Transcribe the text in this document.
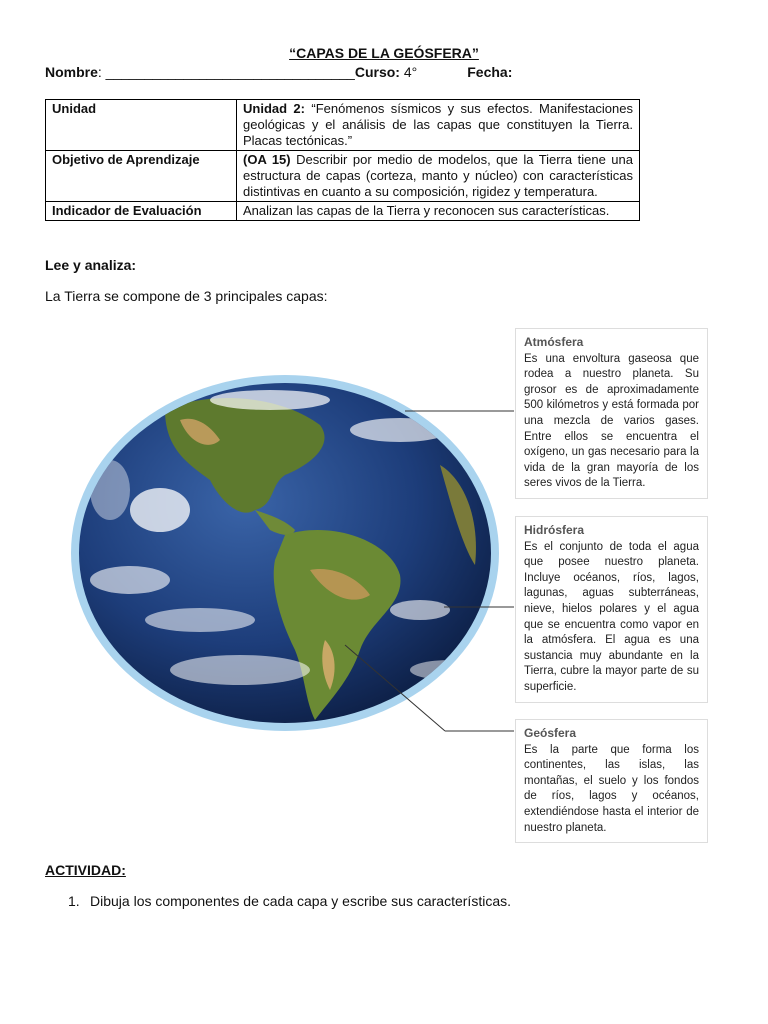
“CAPAS DE LA GEÓSFERA”
Nombre: ________________________________Curso: 4°	Fecha:
Unidad	Unidad 2: “Fenómenos sísmicos y sus efectos. Manifestaciones geológicas y el análisis de las capas que constituyen la Tierra. Placas tectónicas.”
Objetivo de Aprendizaje	(OA 15) Describir por medio de modelos, que la Tierra tiene una estructura de capas (corteza, manto y núcleo) con características distintivas en cuanto a su composición, rigidez y temperatura.
Indicador de Evaluación	Analizan las capas de la Tierra y reconocen sus características.
Lee y analiza:
La Tierra se compone de 3 principales capas:
Atmósfera
Es una envoltura gaseosa que rodea a nuestro planeta. Su grosor es de aproximadamente 500 kilómetros y está formada por una mezcla de varios gases. Entre ellos se encuentra el oxígeno, un gas necesario para la vida de la gran mayoría de los seres vivos de la Tierra.
Hidrósfera
Es el conjunto de toda el agua que posee nuestro planeta. Incluye océanos, ríos, lagos, lagunas, aguas subterráneas, nieve, hielos polares y el agua que se encuentra como vapor en la atmósfera. El agua es una sustancia muy abundante en la Tierra, cubre la mayor parte de su superficie.
Geósfera
Es la parte que forma los continentes, las islas, las montañas, el suelo y los fondos de ríos, lagos y océanos, extendiéndose hasta el interior de nuestro planeta.
ACTIVIDAD:
1. Dibuja los componentes de cada capa y escribe sus características.
